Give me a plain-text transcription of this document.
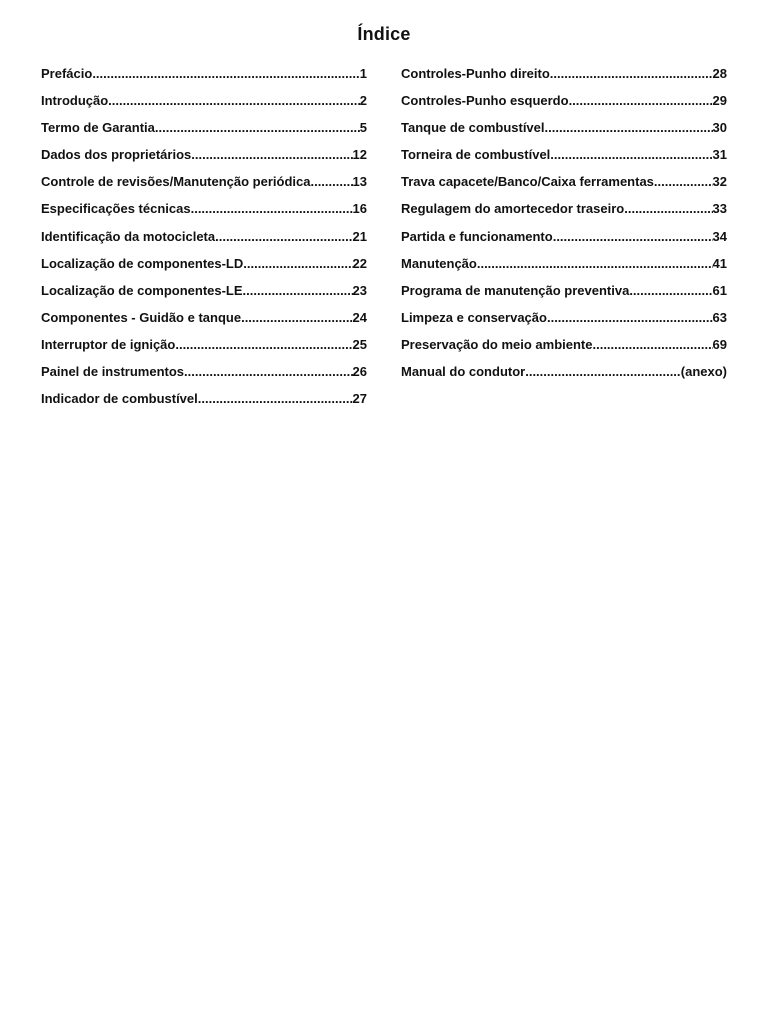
Índice
Prefácio .....	1
Introdução .....	2
Termo de Garantia .....	5
Dados dos proprietários .....	12
Controle de revisões/Manutenção periódica .....	13
Especificações técnicas .....	16
Identificação da motocicleta .....	21
Localização de componentes-LD .....	22
Localização de componentes-LE .....	23
Componentes - Guidão e tanque .....	24
Interruptor de ignição .....	25
Painel de instrumentos .....	26
Indicador de combustível .....	27
Controles-Punho direito .....	28
Controles-Punho esquerdo .....	29
Tanque de combustível .....	30
Torneira de combustível .....	31
Trava capacete/Banco/Caixa ferramentas .....	32
Regulagem do amortecedor traseiro .....	33
Partida e funcionamento .....	34
Manutenção .....	41
Programa de manutenção preventiva .....	61
Limpeza e conservação .....	63
Preservação do meio ambiente .....	69
Manual do condutor .....	(anexo)
